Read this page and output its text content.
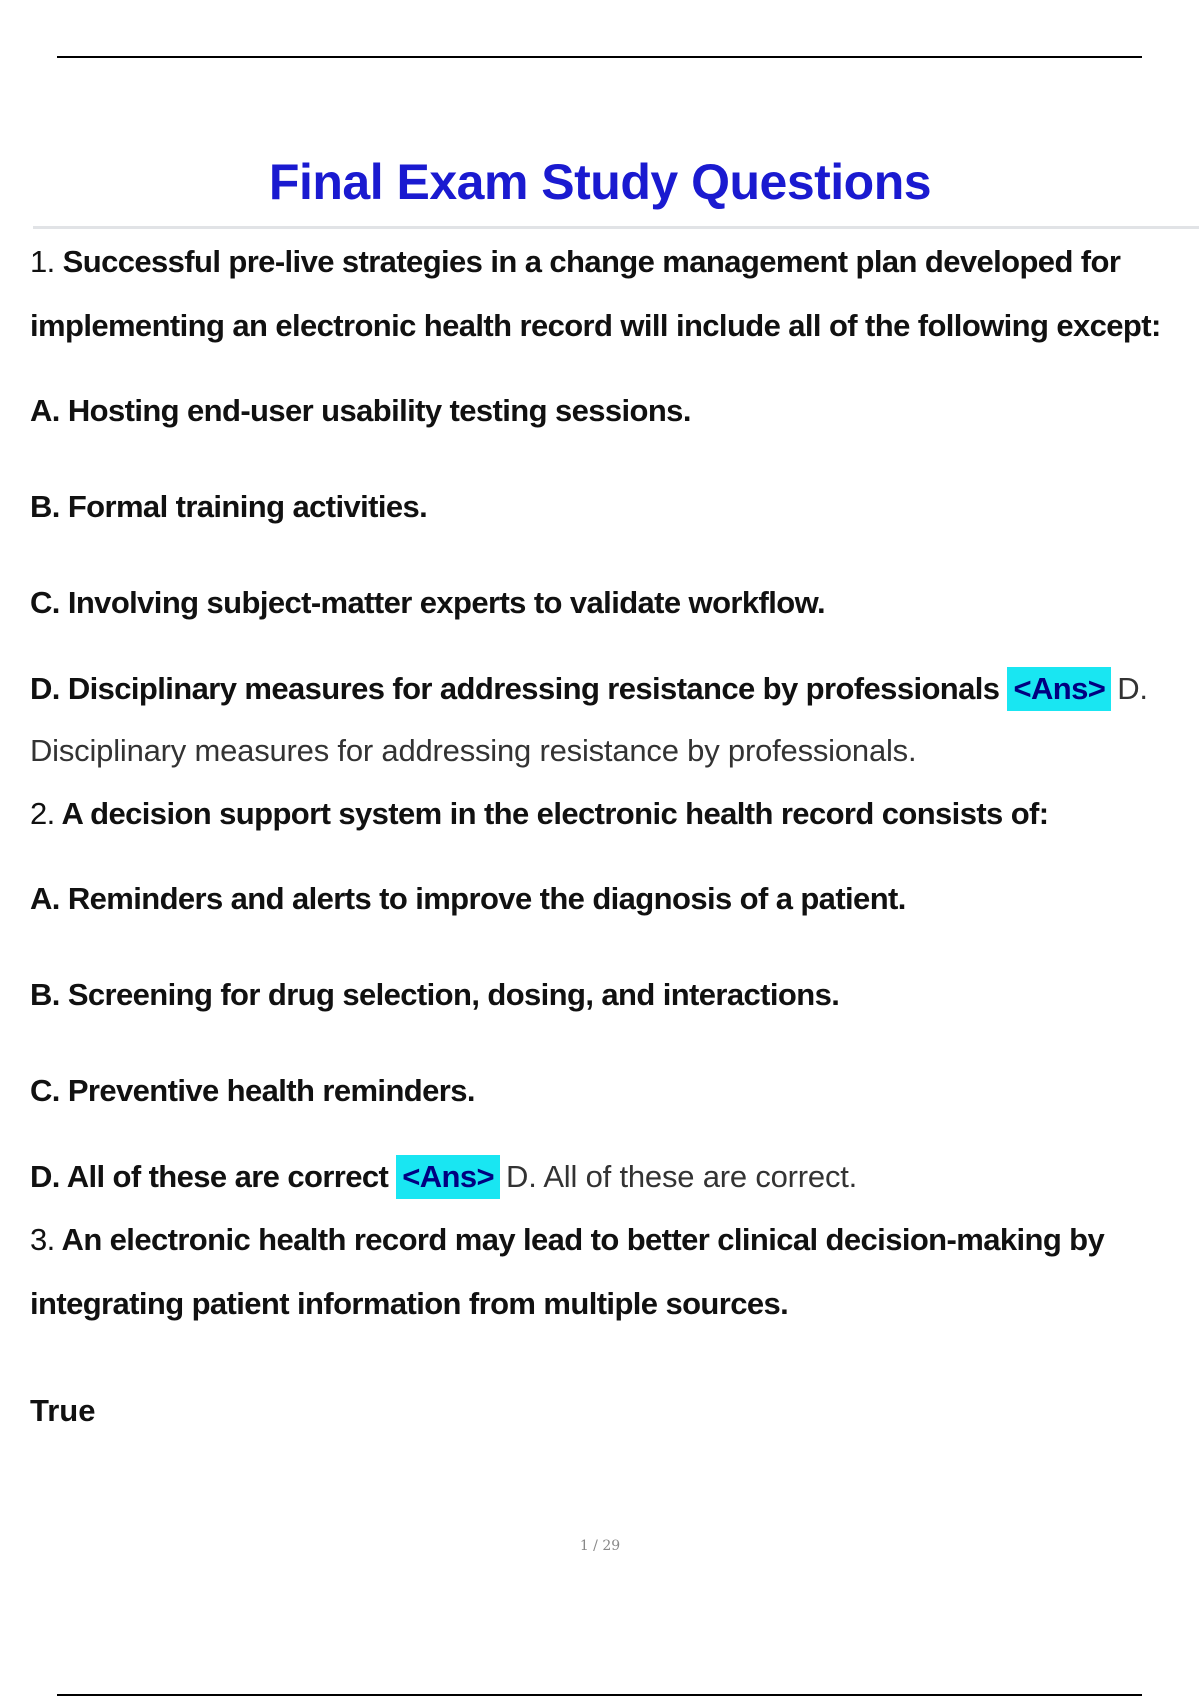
Final Exam Study Questions

1. Successful pre-live strategies in a change management plan developed for implementing an electronic health record will include all of the following except:

A. Hosting end-user usability testing sessions.

B. Formal training activities.

C. Involving subject-matter experts to validate workflow.

D. Disciplinary measures for addressing resistance by professionals <Ans> D. Disciplinary measures for addressing resistance by professionals.

2. A decision support system in the electronic health record consists of:

A. Reminders and alerts to improve the diagnosis of a patient.

B. Screening for drug selection, dosing, and interactions.

C. Preventive health reminders.

D. All of these are correct <Ans> D. All of these are correct.

3. An electronic health record may lead to better clinical decision-making by integrating patient information from multiple sources.

True

1 / 29
